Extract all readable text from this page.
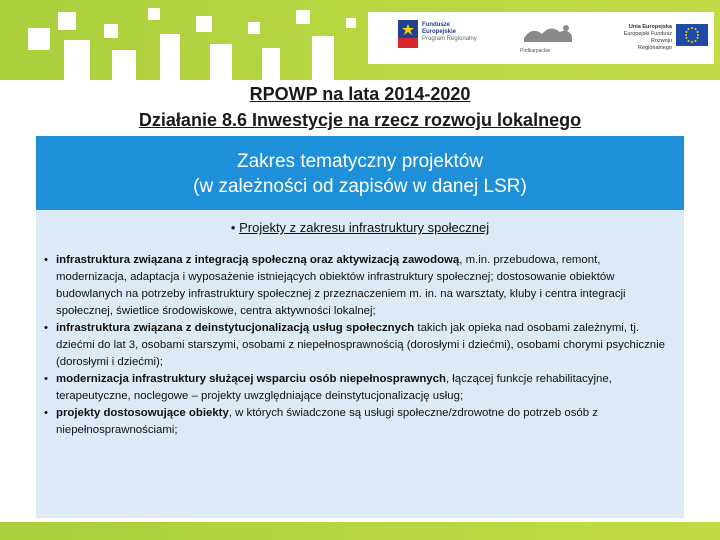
Fundusze
Europejskie
Program Regionalny
Podkarpackie
Unia Europejska
Europejski Fundusz
Rozwoju Regionalnego
RPOWP na lata 2014-2020
Działanie 8.6 Inwestycje na rzecz rozwoju lokalnego
Zakres tematyczny projektów
(w zależności od zapisów w danej LSR)
• Projekty z zakresu infrastruktury społecznej
• infrastruktura związana z integracją społeczną oraz aktywizacją zawodową, m.in. przebudowa, remont, modernizacja, adaptacja i wyposażenie istniejących obiektów infrastruktury społecznej; dostosowanie obiektów budowlanych na potrzeby infrastruktury społecznej z przeznaczeniem m. in. na warsztaty, kluby i centra integracji społecznej, świetlice środowiskowe, centra aktywności lokalnej;
• infrastruktura związana z deinstytucjonalizacją usług społecznych takich jak opieka nad osobami zależnymi, tj. dziećmi do lat 3, osobami starszymi, osobami z niepełnosprawnością (dorosłymi i dziećmi), osobami chorymi psychicznie (dorosłymi i dziećmi);
• modernizacja infrastruktury służącej wsparciu osób niepełnosprawnych, łączącej funkcje rehabilitacyjne, terapeutyczne, noclegowe – projekty uwzględniające deinstytucjonalizację usług;
• projekty dostosowujące obiekty, w których świadczone są usługi społeczne/zdrowotne do potrzeb osób z niepełnosprawnościami;
